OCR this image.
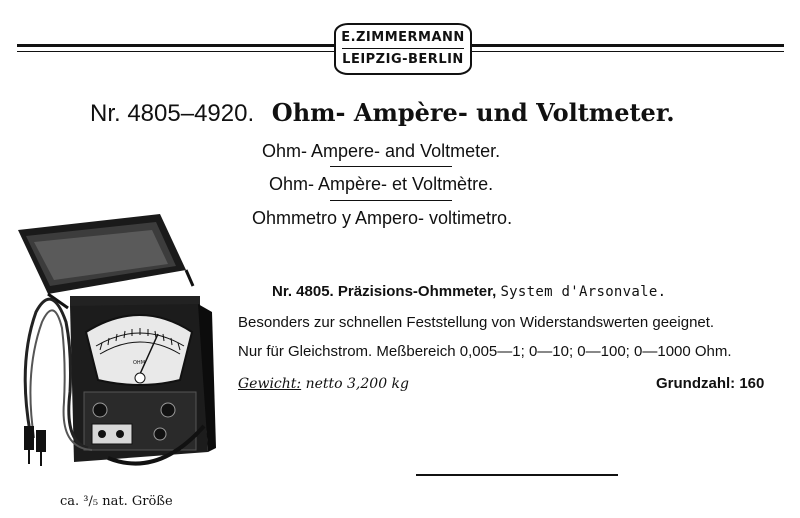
E.ZIMMERMANN
LEIPZIG-BERLIN
Nr. 4805–4920. Ohm- Ampère- und Voltmeter.
Ohm- Ampere- and Voltmeter.
Ohm- Ampère- et Voltmètre.
Ohmmetro y Ampero- voltimetro.
OHM
ca. ³/₅ nat. Größe
Nr. 4805. Präzisions-Ohmmeter, System d'Arsonvale.
Besonders zur schnellen Feststellung von Widerstandswerten geeignet.
Nur für Gleichstrom. Meßbereich 0,005—1; 0—10; 0—100; 0—1000 Ohm.
Gewicht: netto 3,200 kg	Grundzahl: 160
